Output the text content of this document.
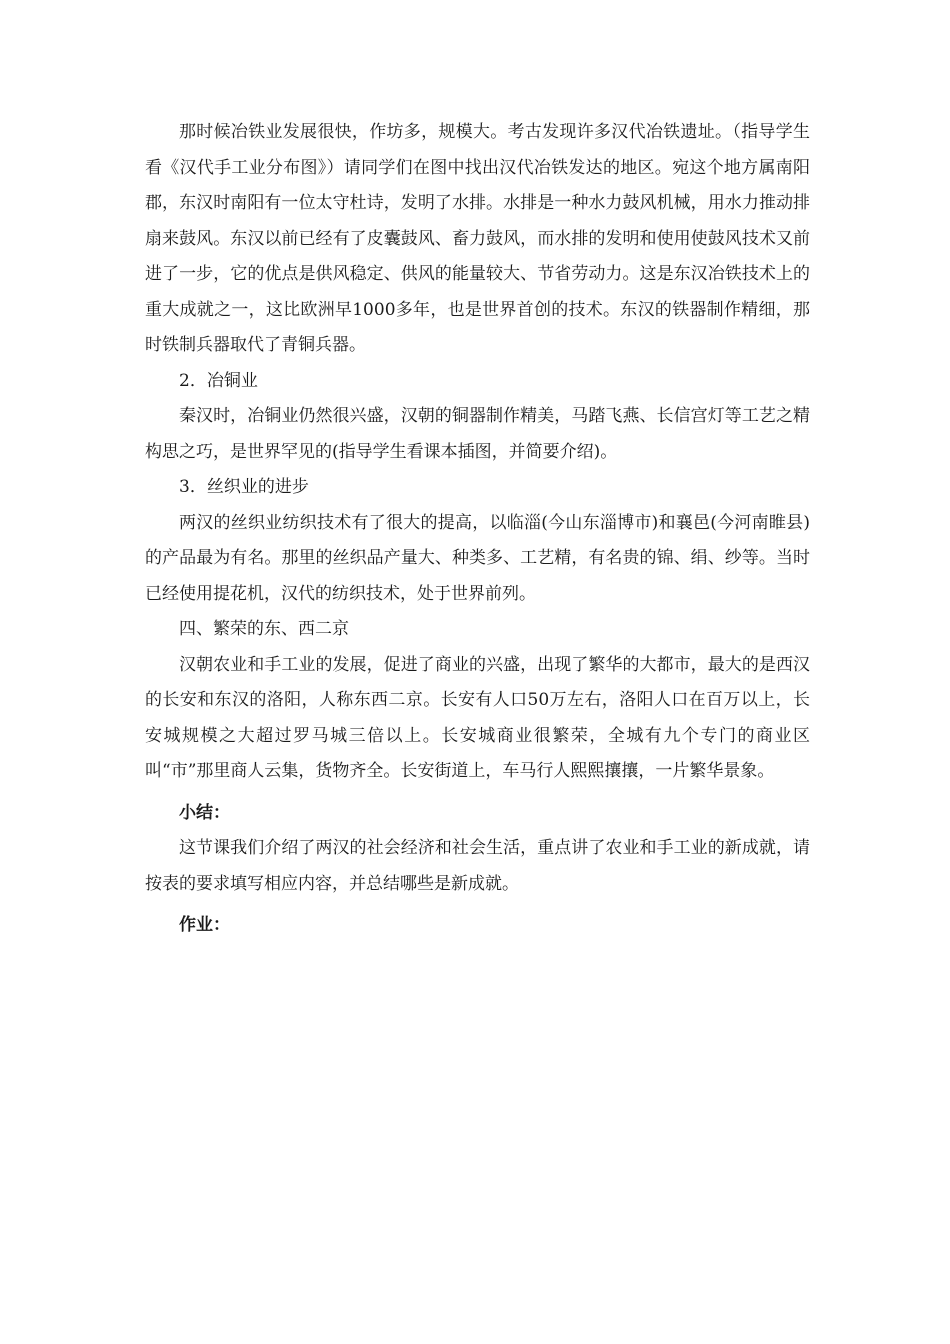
那时候冶铁业发展很快，作坊多，规模大。考古发现许多汉代冶铁遗址。（指导学生看《汉代手工业分布图》）请同学们在图中找出汉代冶铁发达的地区。宛这个地方属南阳郡，东汉时南阳有一位太守杜诗，发明了水排。水排是一种水力鼓风机械，用水力推动排扇来鼓风。东汉以前已经有了皮囊鼓风、畜力鼓风，而水排的发明和使用使鼓风技术又前进了一步，它的优点是供风稳定、供风的能量较大、节省劳动力。这是东汉冶铁技术上的重大成就之一，这比欧洲早1000多年，也是世界首创的技术。东汉的铁器制作精细，那时铁制兵器取代了青铜兵器。

2．冶铜业

秦汉时，冶铜业仍然很兴盛，汉朝的铜器制作精美，马踏飞燕、长信宫灯等工艺之精构思之巧，是世界罕见的(指导学生看课本插图，并简要介绍)。

3．丝织业的进步

两汉的丝织业纺织技术有了很大的提高，以临淄(今山东淄博市)和襄邑(今河南睢县)的产品最为有名。那里的丝织品产量大、种类多、工艺精，有名贵的锦、绢、纱等。当时已经使用提花机，汉代的纺织技术，处于世界前列。

四、繁荣的东、西二京

汉朝农业和手工业的发展，促进了商业的兴盛，出现了繁华的大都市，最大的是西汉的长安和东汉的洛阳，人称东西二京。长安有人口50万左右，洛阳人口在百万以上，长安城规模之大超过罗马城三倍以上。长安城商业很繁荣，全城有九个专门的商业区叫“市”那里商人云集，货物齐全。长安街道上，车马行人熙熙攘攘，一片繁华景象。

小结：

这节课我们介绍了两汉的社会经济和社会生活，重点讲了农业和手工业的新成就，请按表的要求填写相应内容，并总结哪些是新成就。

作业：
